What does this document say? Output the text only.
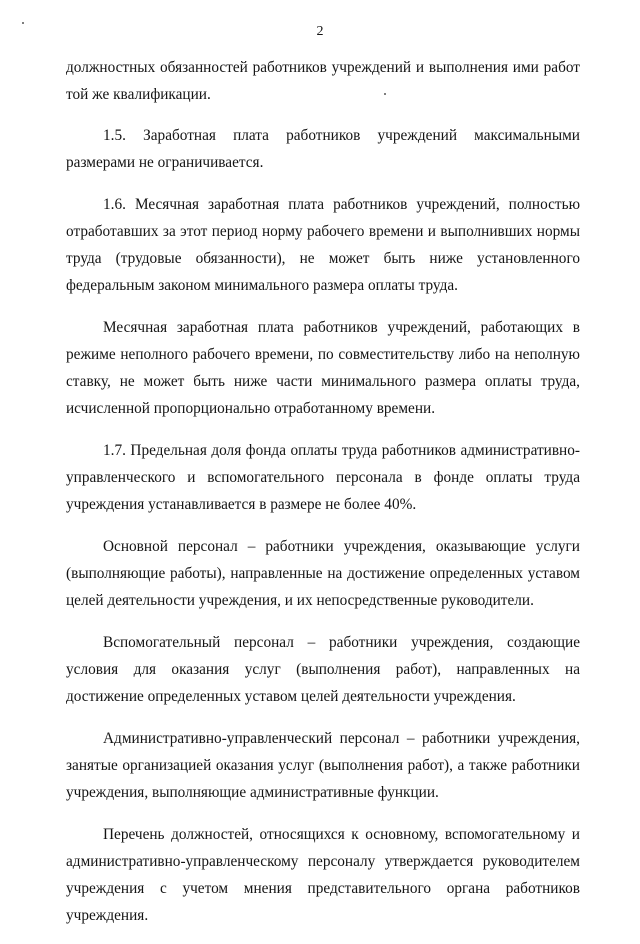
2

должностных обязанностей работников учреждений и выполнения ими работ той же квалификации.

1.5. Заработная плата работников учреждений максимальными размерами не ограничивается.

1.6. Месячная заработная плата работников учреждений, полностью отработавших за этот период норму рабочего времени и выполнивших нормы труда (трудовые обязанности), не может быть ниже установленного федеральным законом минимального размера оплаты труда.

Месячная заработная плата работников учреждений, работающих в режиме неполного рабочего времени, по совместительству либо на неполную ставку, не может быть ниже части минимального размера оплаты труда, исчисленной пропорционально отработанному времени.

1.7. Предельная доля фонда оплаты труда работников административно-управленческого и вспомогательного персонала в фонде оплаты труда учреждения устанавливается в размере не более 40%.

Основной персонал – работники учреждения, оказывающие услуги (выполняющие работы), направленные на достижение определенных уставом целей деятельности учреждения, и их непосредственные руководители.

Вспомогательный персонал – работники учреждения, создающие условия для оказания услуг (выполнения работ), направленных на достижение определенных уставом целей деятельности учреждения.

Административно-управленческий персонал – работники учреждения, занятые организацией оказания услуг (выполнения работ), а также работники учреждения, выполняющие административные функции.

Перечень должностей, относящихся к основному, вспомогательному и административно-управленческому персоналу утверждается руководителем учреждения с учетом мнения представительного органа работников учреждения.
